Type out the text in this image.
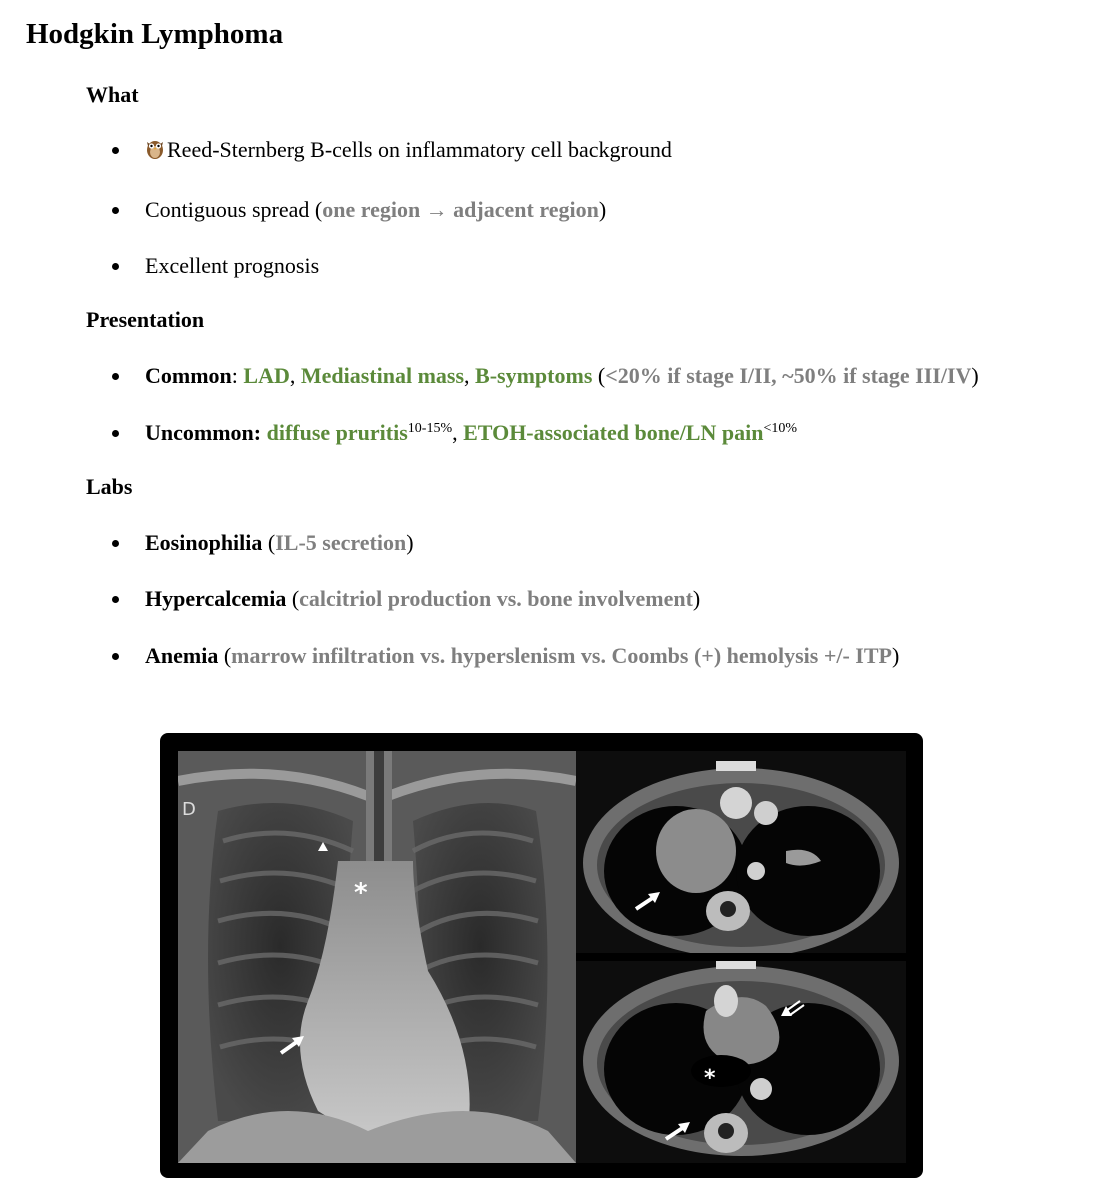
Hodgkin Lymphoma
What
Reed-Sternberg B-cells on inflammatory cell background
Contiguous spread (one region → adjacent region)
Excellent prognosis
Presentation
Common: LAD, Mediastinal mass, B-symptoms (<20% if stage I/II, ~50% if stage III/IV)
Uncommon: diffuse pruritis$^{10-15\%}$, ETOH-associated bone/LN pain$^{<10\%}$
Labs
Eosinophilia (IL-5 secretion)
Hypercalcemia (calcitriol production vs. bone involvement)
Anemia (marrow infiltration vs. hyperslenism vs. Coombs (+) hemolysis +/- ITP)
D
*
*
